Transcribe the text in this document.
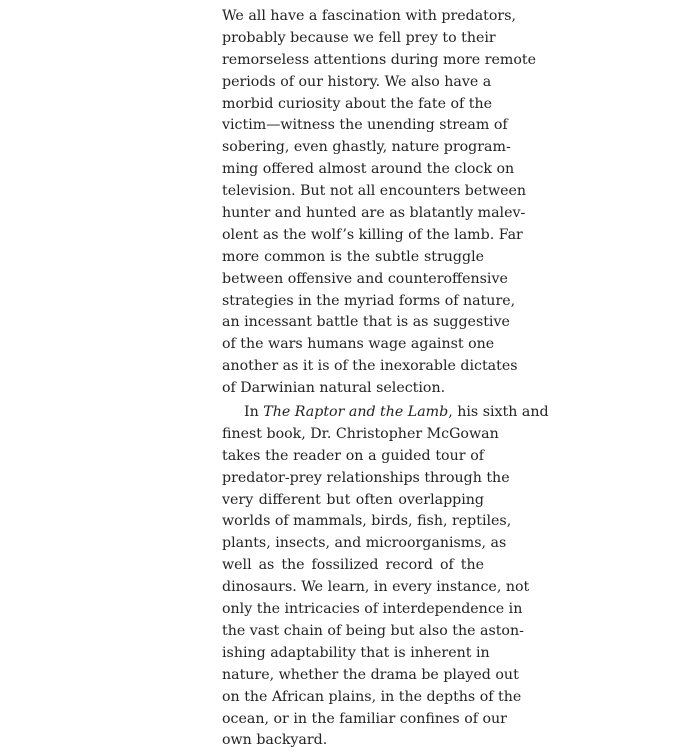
We all have a fascination with predators,
probably because we fell prey to their
remorseless attentions during more remote
periods of our history. We also have a
morbid curiosity about the fate of the
victim—witness the unending stream of
sobering, even ghastly, nature program-
ming offered almost around the clock on
television. But not all encounters between
hunter and hunted are as blatantly malev-
olent as the wolf’s killing of the lamb. Far
more common is the subtle struggle
between offensive and counteroffensive
strategies in the myriad forms of nature,
an incessant battle that is as suggestive
of the wars humans wage against one
another as it is of the inexorable dictates
of Darwinian natural selection.
In The Raptor and the Lamb, his sixth and
finest book, Dr. Christopher McGowan
takes the reader on a guided tour of
predator-prey relationships through the
very different but often overlapping
worlds of mammals, birds, fish, reptiles,
plants, insects, and microorganisms, as
well as the fossilized record of the
dinosaurs. We learn, in every instance, not
only the intricacies of interdependence in
the vast chain of being but also the aston-
ishing adaptability that is inherent in
nature, whether the drama be played out
on the African plains, in the depths of the
ocean, or in the familiar confines of our
own backyard.
